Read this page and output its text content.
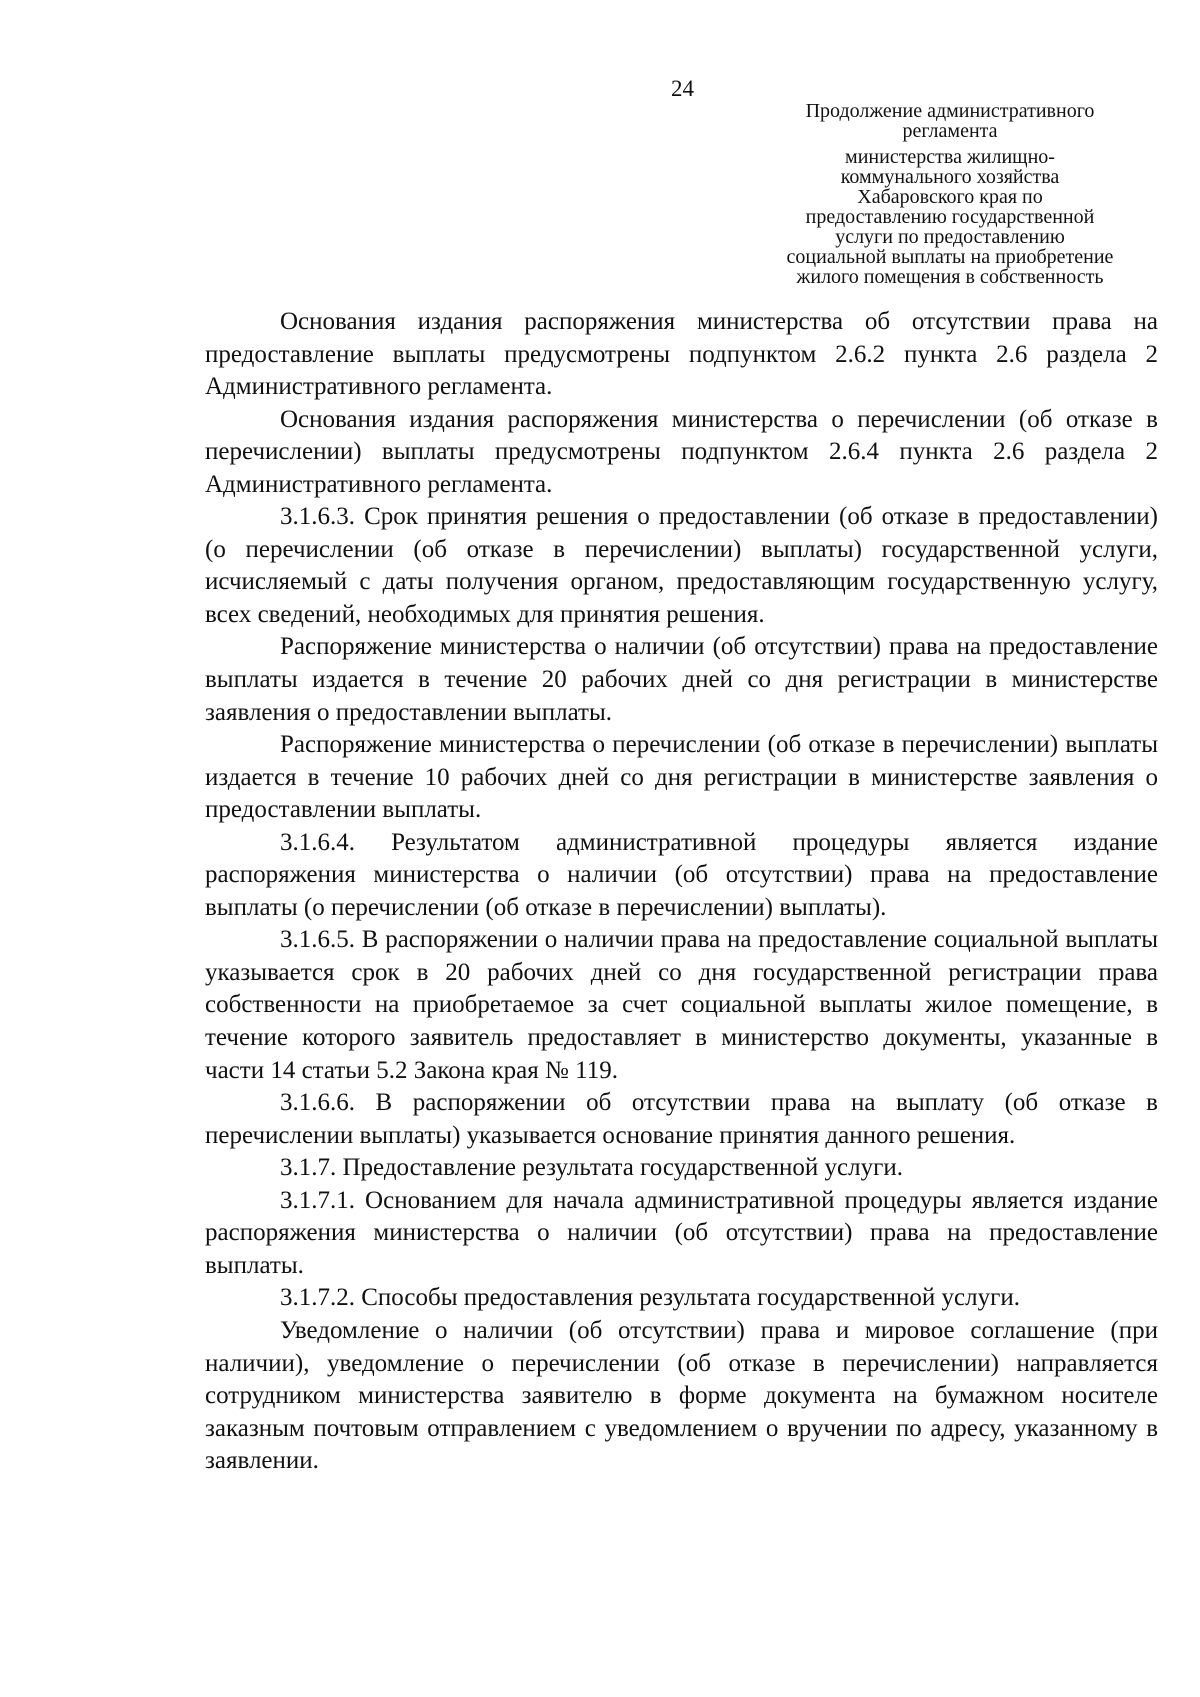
24
Продолжение административного
регламента
министерства жилищно-
коммунального хозяйства
Хабаровского края по
предоставлению государственной
услуги по предоставлению
социальной выплаты на приобретение
жилого помещения в собственность

Основания издания распоряжения министерства об отсутствии права на предоставление выплаты предусмотрены подпунктом 2.6.2 пункта 2.6 раздела 2 Административного регламента.

Основания издания распоряжения министерства о перечислении (об отказе в перечислении) выплаты предусмотрены подпунктом 2.6.4 пункта 2.6 раздела 2 Административного регламента.

3.1.6.3. Срок принятия решения о предоставлении (об отказе в предоставлении) (о перечислении (об отказе в перечислении) выплаты) государственной услуги, исчисляемый с даты получения органом, предоставляющим государственную услугу, всех сведений, необходимых для принятия решения.

Распоряжение министерства о наличии (об отсутствии) права на предоставление выплаты издается в течение 20 рабочих дней со дня регистрации в министерстве заявления о предоставлении выплаты.

Распоряжение министерства о перечислении (об отказе в перечислении) выплаты издается в течение 10 рабочих дней со дня регистрации в министерстве заявления о предоставлении выплаты.

3.1.6.4. Результатом административной процедуры является издание распоряжения министерства о наличии (об отсутствии) права на предоставление выплаты (о перечислении (об отказе в перечислении) выплаты).

3.1.6.5. В распоряжении о наличии права на предоставление социальной выплаты указывается срок в 20 рабочих дней со дня государственной регистрации права собственности на приобретаемое за счет социальной выплаты жилое помещение, в течение которого заявитель предоставляет в министерство документы, указанные в части 14 статьи 5.2 Закона края № 119.

3.1.6.6. В распоряжении об отсутствии права на выплату (об отказе в перечислении выплаты) указывается основание принятия данного решения.

3.1.7. Предоставление результата государственной услуги.

3.1.7.1. Основанием для начала административной процедуры является издание распоряжения министерства о наличии (об отсутствии) права на предоставление выплаты.

3.1.7.2. Способы предоставления результата государственной услуги.

Уведомление о наличии (об отсутствии) права и мировое соглашение (при наличии), уведомление о перечислении (об отказе в перечислении) направляется сотрудником министерства заявителю в форме документа на бумажном носителе заказным почтовым отправлением с уведомлением о вручении по адресу, указанному в заявлении.
